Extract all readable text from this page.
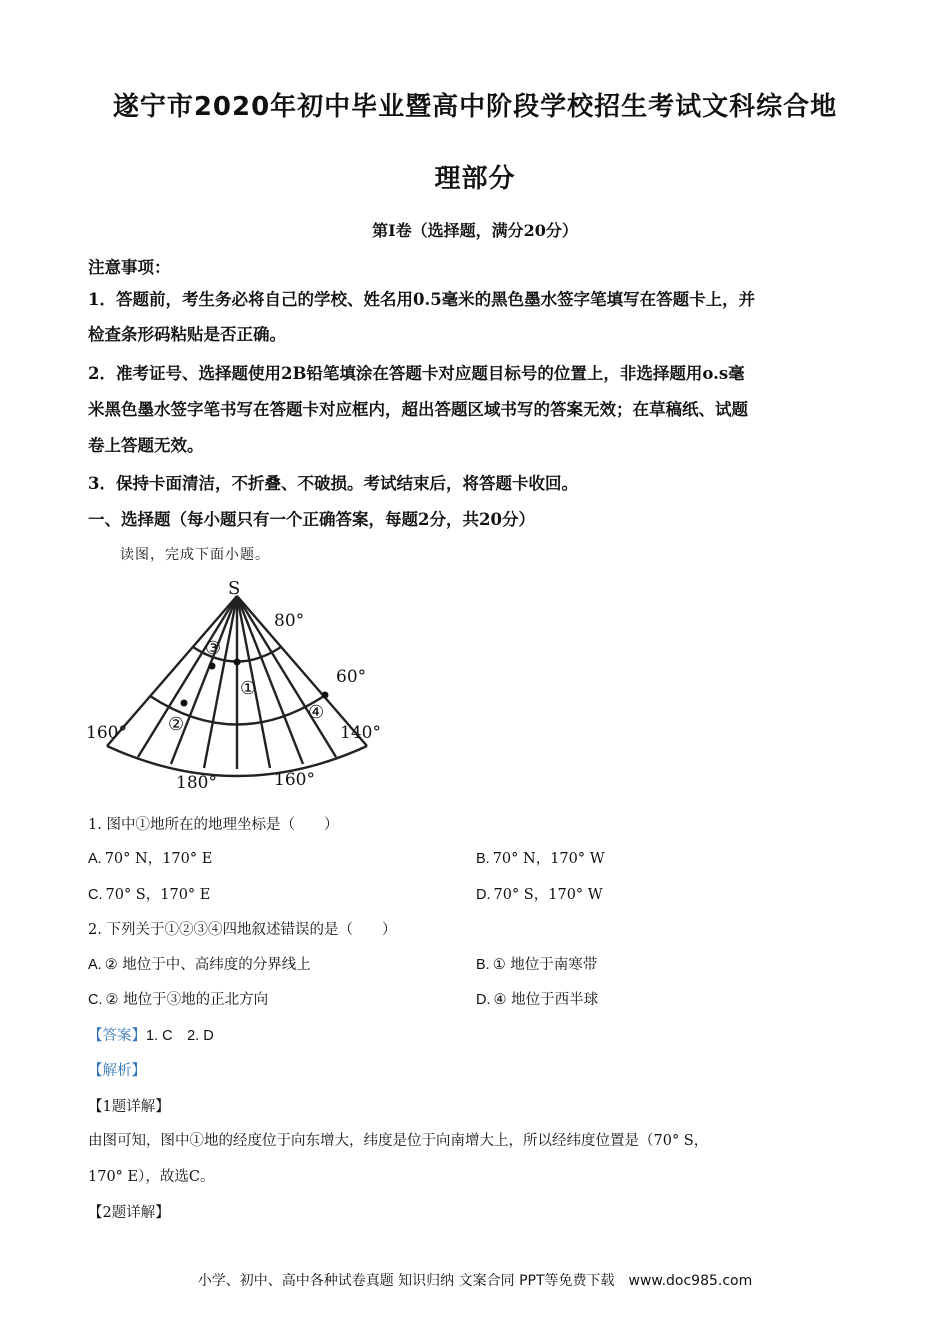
遂宁市2020年初中毕业暨高中阶段学校招生考试文科综合地
理部分
第Ⅰ卷（选择题，满分20分）
注意事项：
1．答题前，考生务必将自己的学校、姓名用0.5毫米的黑色墨水签字笔填写在答题卡上，并
检查条形码粘贴是否正确。
2．准考证号、选择题使用2B铅笔填涂在答题卡对应题目标号的位置上，非选择题用o.s毫
米黑色墨水签字笔书写在答题卡对应框内，超出答题区域书写的答案无效；在草稿纸、试题
卷上答题无效。
3．保持卡面清洁，不折叠、不破损。考试结束后，将答题卡收回。
一、选择题（每小题只有一个正确答案，每题2分，共20分）
读图，完成下面小题。
S
80°
60°
160°	140°
180°	160°
①
②
③
④
1. 图中①地所在的地理坐标是（　　）
A. 70° N，170° E	B. 70° N，170° W
C. 70° S，170° E	D. 70° S，170° W
2. 下列关于①②③④四地叙述错误的是（　　）
A. ② 地位于中、高纬度的分界线上	B. ① 地位于南寒带
C. ② 地位于③地的正北方向	D. ④ 地位于西半球
【答案】1. C　2. D
【解析】
【1题详解】
由图可知，图中①地的经度位于向东增大，纬度是位于向南增大上，所以经纬度位置是（70° S，
170° E），故选C。
【2题详解】
小学、初中、高中各种试卷真题 知识归纳 文案合同 PPT等免费下载　www.doc985.com
